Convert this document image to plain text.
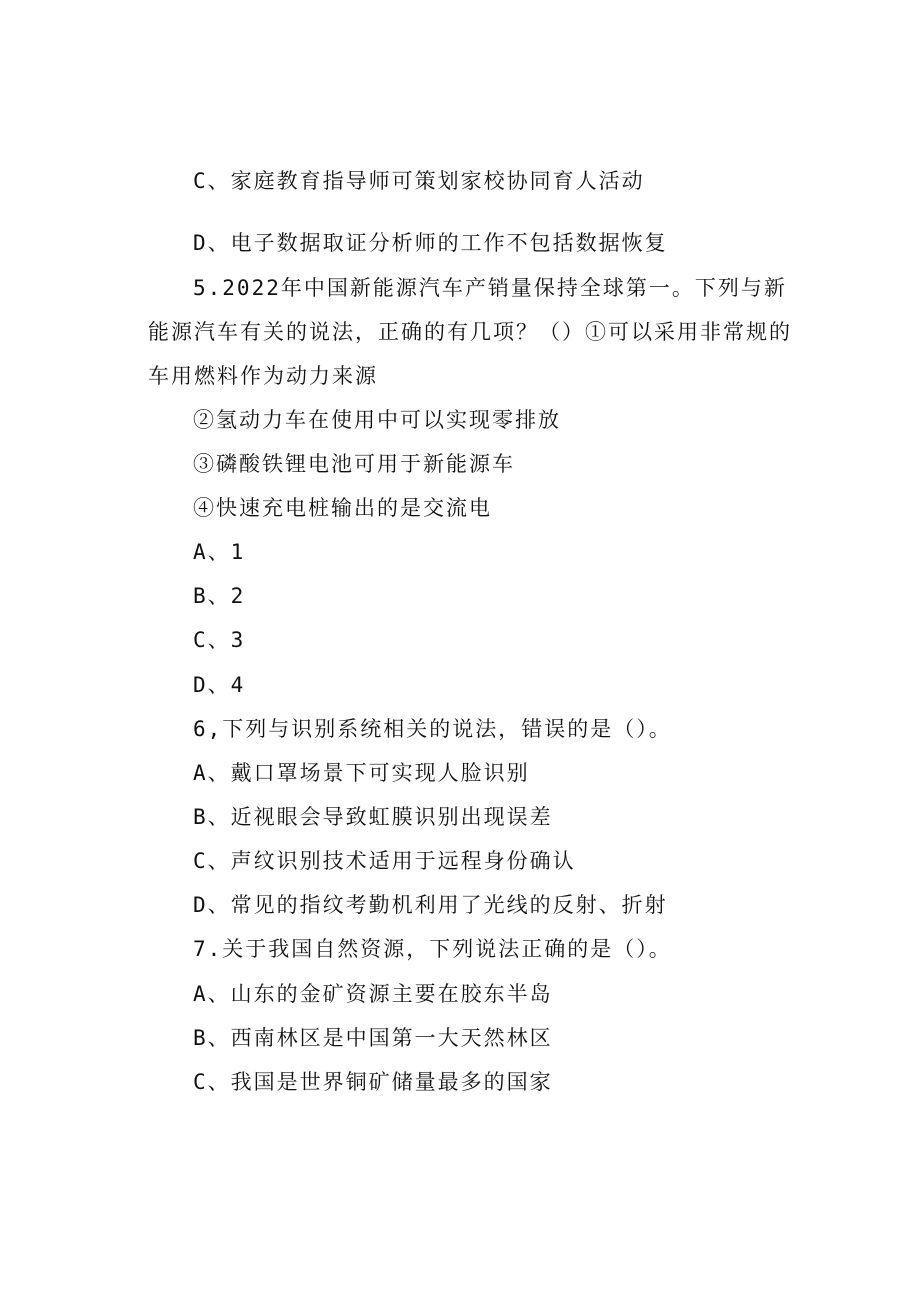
C、家庭教育指导师可策划家校协同育人活动
D、电子数据取证分析师的工作不包括数据恢复
5.2022年中国新能源汽车产销量保持全球第一。下列与新
能源汽车有关的说法，正确的有几项？（）①可以采用非常规的
车用燃料作为动力来源
②氢动力车在使用中可以实现零排放
③磷酸铁锂电池可用于新能源车
④快速充电桩输出的是交流电
A、1
B、2
C、3
D、4
6,下列与识别系统相关的说法，错误的是（）。
A、戴口罩场景下可实现人脸识别
B、近视眼会导致虹膜识别出现误差
C、声纹识别技术适用于远程身份确认
D、常见的指纹考勤机利用了光线的反射、折射
7.关于我国自然资源，下列说法正确的是（）。
A、山东的金矿资源主要在胶东半岛
B、西南林区是中国第一大天然林区
C、我国是世界铜矿储量最多的国家
